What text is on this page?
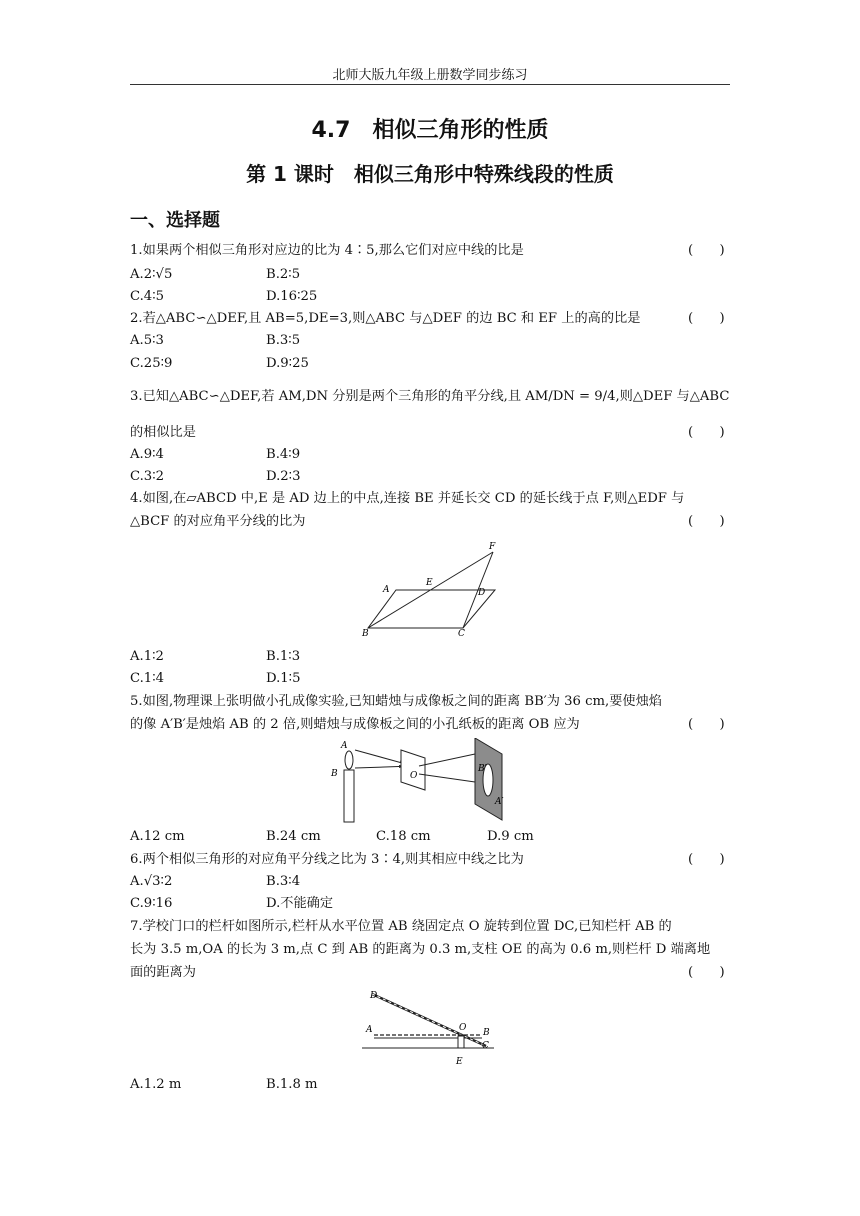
北师大版九年级上册数学同步练习
4.7　相似三角形的性质
第 1 课时　相似三角形中特殊线段的性质
一、选择题
1.如果两个相似三角形对应边的比为 4∶5,那么它们对应中线的比是	(　　)
A.2∶√5	B.2∶5
C.4∶5	D.16∶25
2.若△ABC∽△DEF,且 AB=5,DE=3,则△ABC 与△DEF 的边 BC 和 EF 上的高的比是	(　　)
A.5∶3	B.3∶5
C.25∶9	D.9∶25
3.已知△ABC∽△DEF,若 AM,DN 分别是两个三角形的角平分线,且 AM/DN = 9/4,则△DEF 与△ABC
的相似比是	(　　)
A.9∶4	B.4∶9
C.3∶2	D.2∶3
4.如图,在▱ABCD 中,E 是 AD 边上的中点,连接 BE 并延长交 CD 的延长线于点 F,则△EDF 与
△BCF 的对应角平分线的比为	(　　)
A
E
D
F
B	C
A.1∶2	B.1∶3
C.1∶4	D.1∶5
5.如图,物理课上张明做小孔成像实验,已知蜡烛与成像板之间的距离 BB′为 36 cm,要使烛焰
的像 A′B′是烛焰 AB 的 2 倍,则蜡烛与成像板之间的小孔纸板的距离 OB 应为	(　　)
A
B	O
B′
A′
A.12 cm	B.24 cm	C.18 cm	D.9 cm
6.两个相似三角形的对应角平分线之比为 3∶4,则其相应中线之比为	(　　)
A.√3∶2	B.3∶4
C.9∶16	D.不能确定
7.学校门口的栏杆如图所示,栏杆从水平位置 AB 绕固定点 O 旋转到位置 DC,已知栏杆 AB 的
长为 3.5 m,OA 的长为 3 m,点 C 到 AB 的距离为 0.3 m,支柱 OE 的高为 0.6 m,则栏杆 D 端离地
面的距离为	(　　)
D
A	O B
C
E
A.1.2 m	B.1.8 m
